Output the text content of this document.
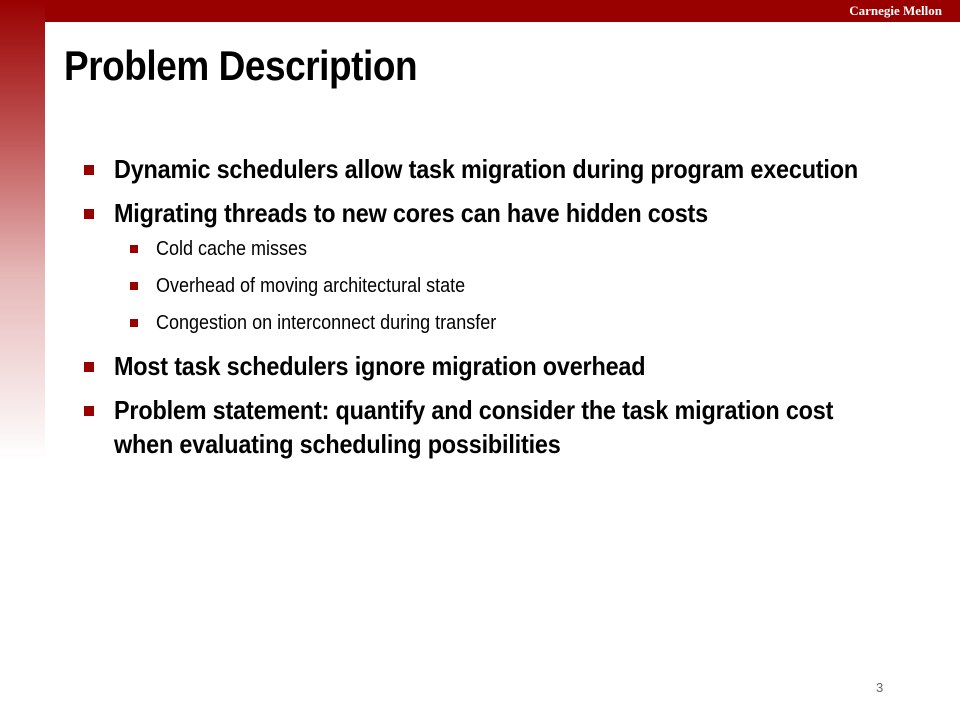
Carnegie Mellon
Problem Description
Dynamic schedulers allow task migration during program execution
Migrating threads to new cores can have hidden costs
Cold cache misses
Overhead of moving architectural state
Congestion on interconnect during transfer
Most task schedulers ignore migration overhead
Problem statement: quantify and consider the task migration cost when evaluating scheduling possibilities
3
